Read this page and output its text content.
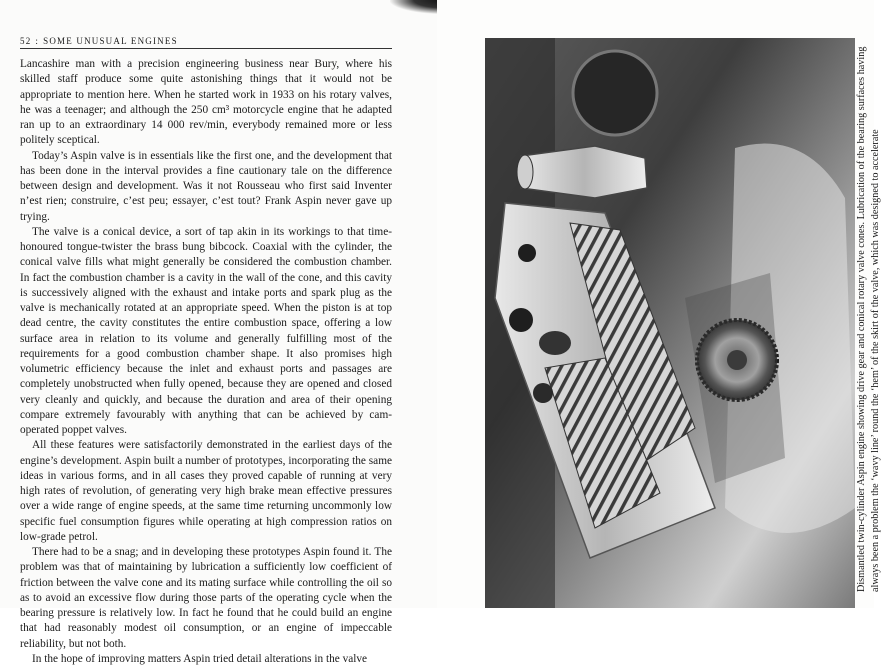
52 : SOME UNUSUAL ENGINES

Lancashire man with a precision engineering business near Bury, where his skilled staff produce some quite astonishing things that it would not be appropriate to mention here. When he started work in 1933 on his rotary valves, he was a teenager; and although the 250 cm³ motorcycle engine that he adapted ran up to an extraordinary 14 000 rev/min, everybody remained more or less politely sceptical.

Today’s Aspin valve is in essentials like the first one, and the development that has been done in the interval provides a fine cautionary tale on the difference between design and development. Was it not Rousseau who first said Inventer n’est rien; construire, c’est peu; essayer, c’est tout? Frank Aspin never gave up trying.

The valve is a conical device, a sort of tap akin in its workings to that time-honoured tongue-twister the brass bung bibcock. Coaxial with the cylinder, the conical valve fills what might generally be considered the combustion chamber. In fact the combustion chamber is a cavity in the wall of the cone, and this cavity is successively aligned with the exhaust and intake ports and spark plug as the valve is mechanically rotated at an appropriate speed. When the piston is at top dead centre, the cavity constitutes the entire combustion space, offering a low surface area in relation to its volume and generally fulfilling most of the requirements for a good combustion chamber shape. It also promises high volumetric efficiency because the inlet and exhaust ports and passages are completely unobstructed when fully opened, because they are opened and closed very cleanly and quickly, and because the duration and area of their opening compare extremely favourably with anything that can be achieved by cam-operated poppet valves.

All these features were satisfactorily demonstrated in the earliest days of the engine’s development. Aspin built a number of prototypes, incorporating the same ideas in various forms, and in all cases they proved capable of running at very high rates of revolution, of generating very high brake mean effective pressures over a wide range of engine speeds, at the same time returning uncommonly low specific fuel consumption figures while operating at high compression ratios on low-grade petrol.

There had to be a snag; and in developing these prototypes Aspin found it. The problem was that of maintaining by lubrication a sufficiently low coefficient of friction between the valve cone and its mating surface while controlling the oil so as to avoid an excessive flow during those parts of the operating cycle when the bearing pressure is relatively low. In fact he found that he could build an engine that had reasonably modest oil consumption, or an engine of impeccable reliability, but not both.

In the hope of improving matters Aspin tried detail alterations in the valve

Dismantled twin-cylinder Aspin engine showing drive gear and conical rotary valve cones. Lubrication of the bearing surfaces having always been a problem the ‘wavy line’ round the ‘hem’ of the skirt of the valve, which was designed to accelerate
